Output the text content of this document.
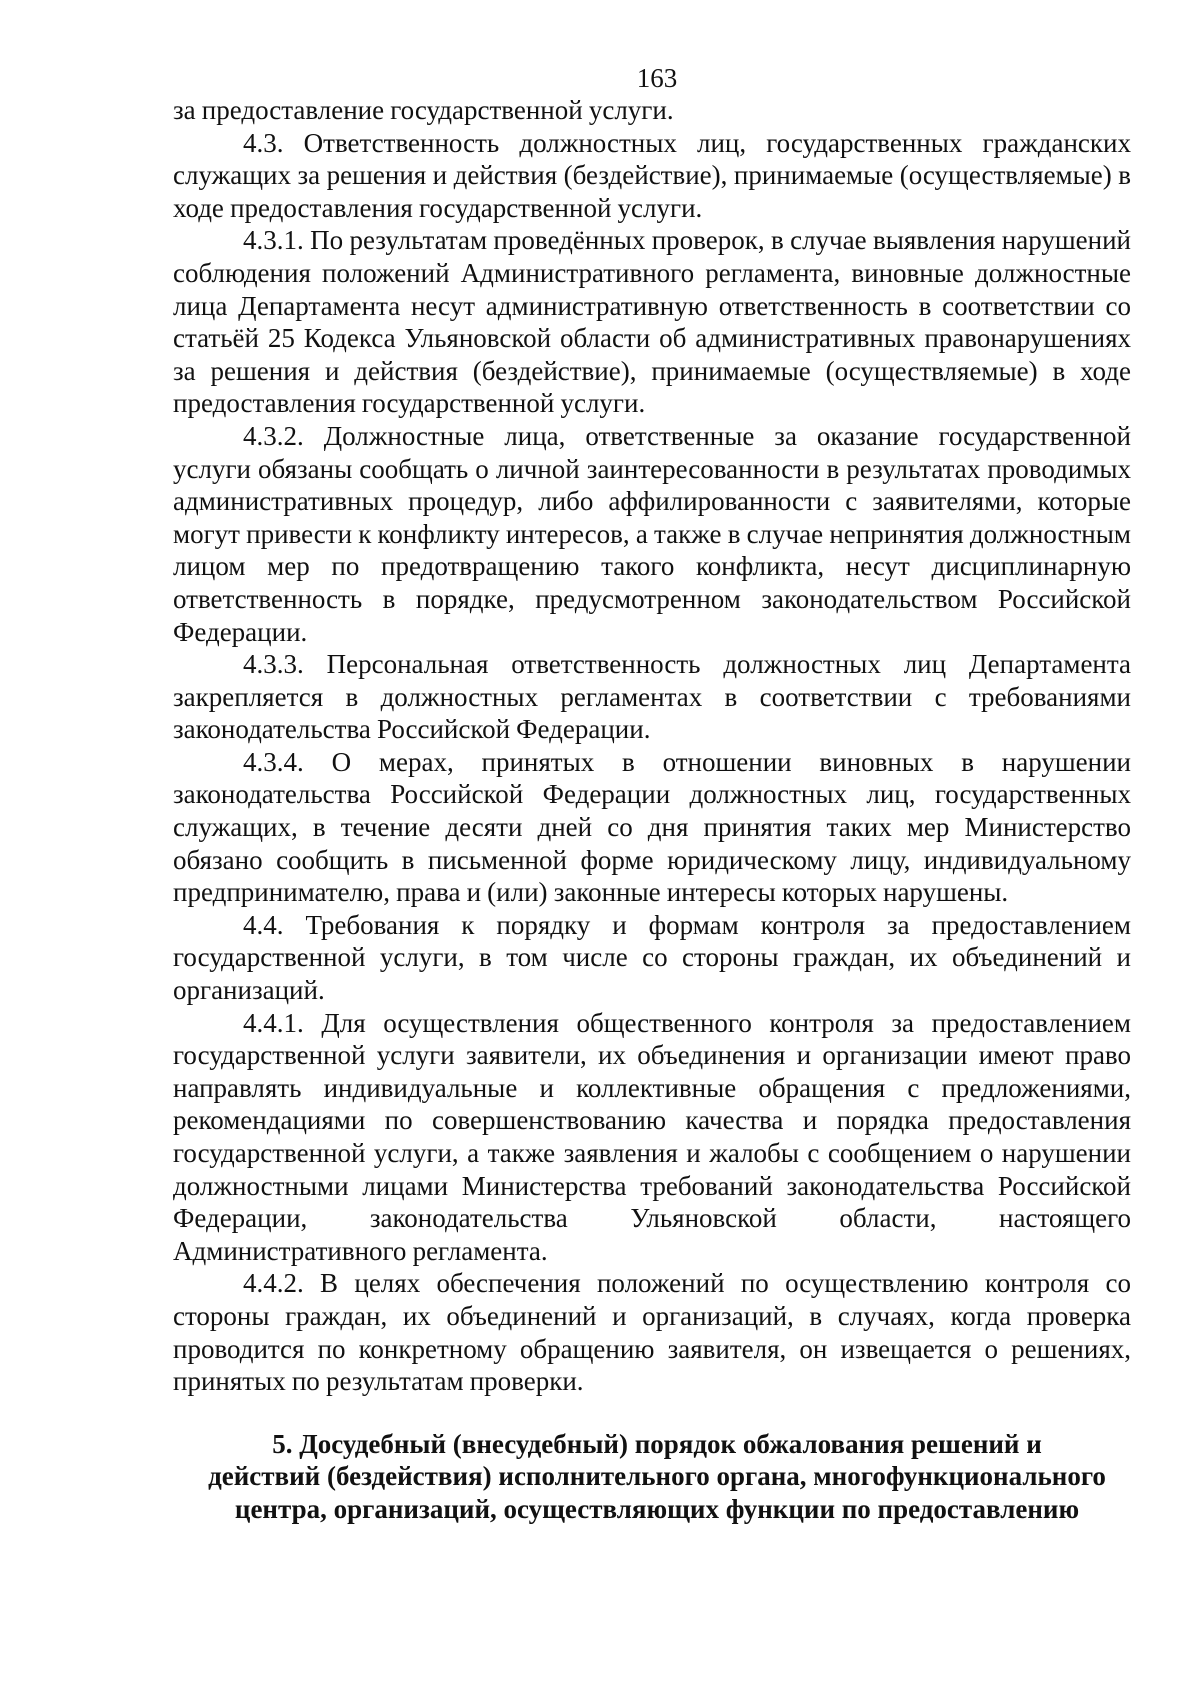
163

за предоставление государственной услуги.

4.3. Ответственность должностных лиц, государственных гражданских служащих за решения и действия (бездействие), принимаемые (осуществляемые) в ходе предоставления государственной услуги.

4.3.1. По результатам проведённых проверок, в случае выявления нарушений соблюдения положений Административного регламента, виновные должностные лица Департамента несут административную ответственность в соответствии со статьёй 25 Кодекса Ульяновской области об административных правонарушениях за решения и действия (бездействие), принимаемые (осуществляемые) в ходе предоставления государственной услуги.

4.3.2. Должностные лица, ответственные за оказание государственной услуги обязаны сообщать о личной заинтересованности в результатах проводимых административных процедур, либо аффилированности с заявителями, которые могут привести к конфликту интересов, а также в случае непринятия должностным лицом мер по предотвращению такого конфликта, несут дисциплинарную ответственность в порядке, предусмотренном законодательством Российской Федерации.

4.3.3. Персональная ответственность должностных лиц Департамента закрепляется в должностных регламентах в соответствии с требованиями законодательства Российской Федерации.

4.3.4. О мерах, принятых в отношении виновных в нарушении законодательства Российской Федерации должностных лиц, государственных служащих, в течение десяти дней со дня принятия таких мер Министерство обязано сообщить в письменной форме юридическому лицу, индивидуальному предпринимателю, права и (или) законные интересы которых нарушены.

4.4. Требования к порядку и формам контроля за предоставлением государственной услуги, в том числе со стороны граждан, их объединений и организаций.

4.4.1. Для осуществления общественного контроля за предоставлением государственной услуги заявители, их объединения и организации имеют право направлять индивидуальные и коллективные обращения с предложениями, рекомендациями по совершенствованию качества и порядка предоставления государственной услуги, а также заявления и жалобы с сообщением о нарушении должностными лицами Министерства требований законодательства Российской Федерации, законодательства Ульяновской области, настоящего Административного регламента.

4.4.2. В целях обеспечения положений по осуществлению контроля со стороны граждан, их объединений и организаций, в случаях, когда проверка проводится по конкретному обращению заявителя, он извещается о решениях, принятых по результатам проверки.

5. Досудебный (внесудебный) порядок обжалования решений и
действий (бездействия) исполнительного органа, многофункционального
центра, организаций, осуществляющих функции по предоставлению
